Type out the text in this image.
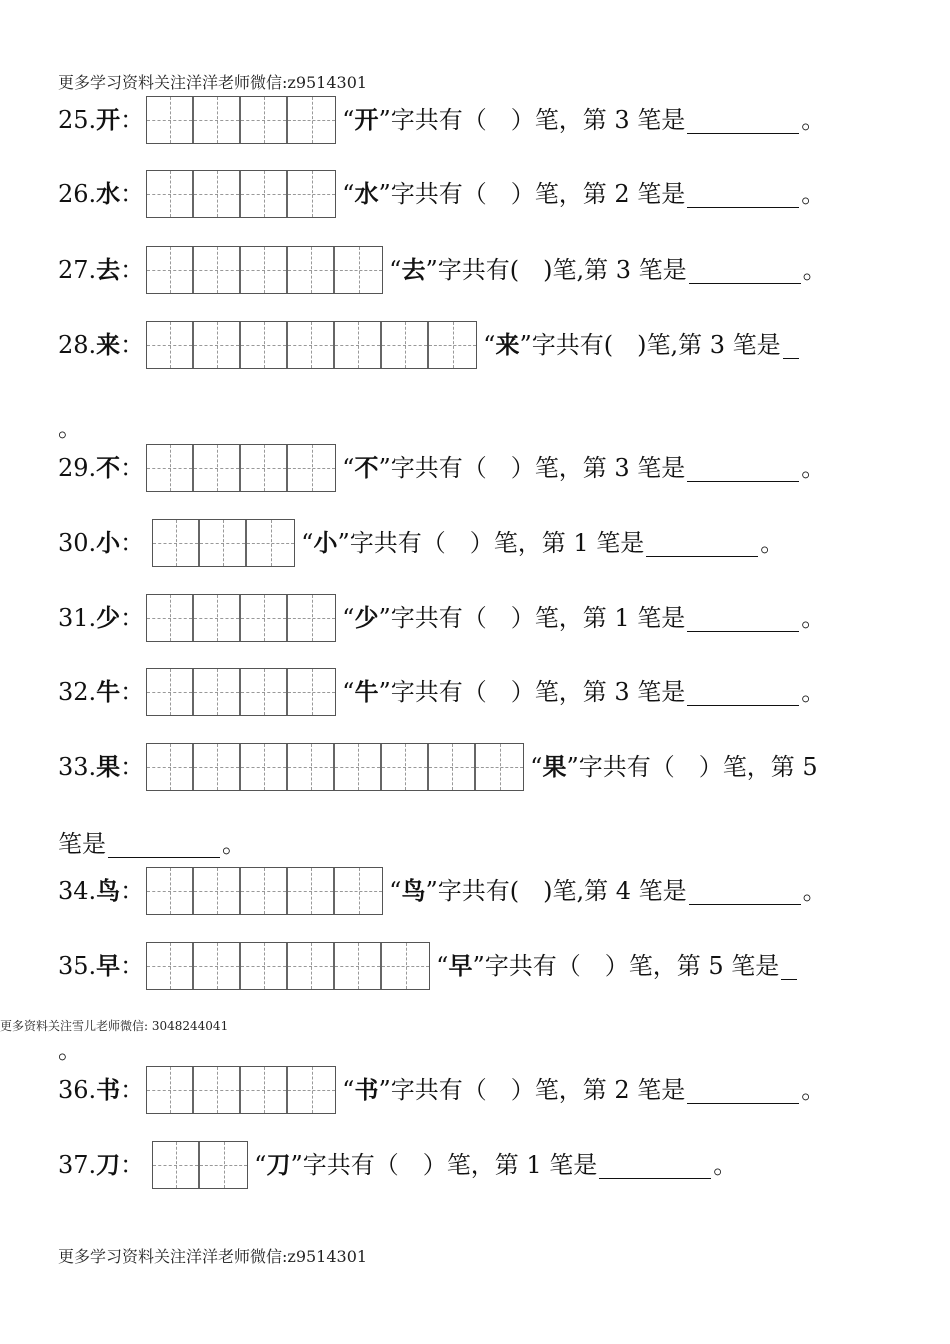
更多学习资料关注洋洋老师微信:z9514301
25. 开 ：	“ 开 ”字共有（　）笔，第 3 笔是	。
26. 水 ：	“ 水 ”字共有（　）笔，第 2 笔是	。
27. 去 ：	“ 去 ”字共有(　)笔,第 3 笔是	。
28. 来 ：	“ 来 ”字共有(　)笔,第 3 笔是
。
29. 不 ：	“ 不 ”字共有（　）笔，第 3 笔是	。
30. 小 ：	“ 小 ”字共有（　）笔，第 1 笔是	。
31. 少 ：	“ 少 ”字共有（　）笔，第 1 笔是	。
32. 牛 ：	“ 牛 ”字共有（　）笔，第 3 笔是	。
33. 果 ：	“ 果 ”字共有（　）笔，第 5
笔是	。
34. 鸟 ：	“ 鸟 ”字共有(　)笔,第 4 笔是	。
35. 早 ：	“ 早 ”字共有（　）笔，第 5 笔是
更多资料关注雪儿老师微信: 3048244041
。
36. 书 ：	“ 书 ”字共有（　）笔，第 2 笔是	。
37. 刀 ：	“ 刀 ”字共有（　）笔，第 1 笔是	。
更多学习资料关注洋洋老师微信:z9514301
